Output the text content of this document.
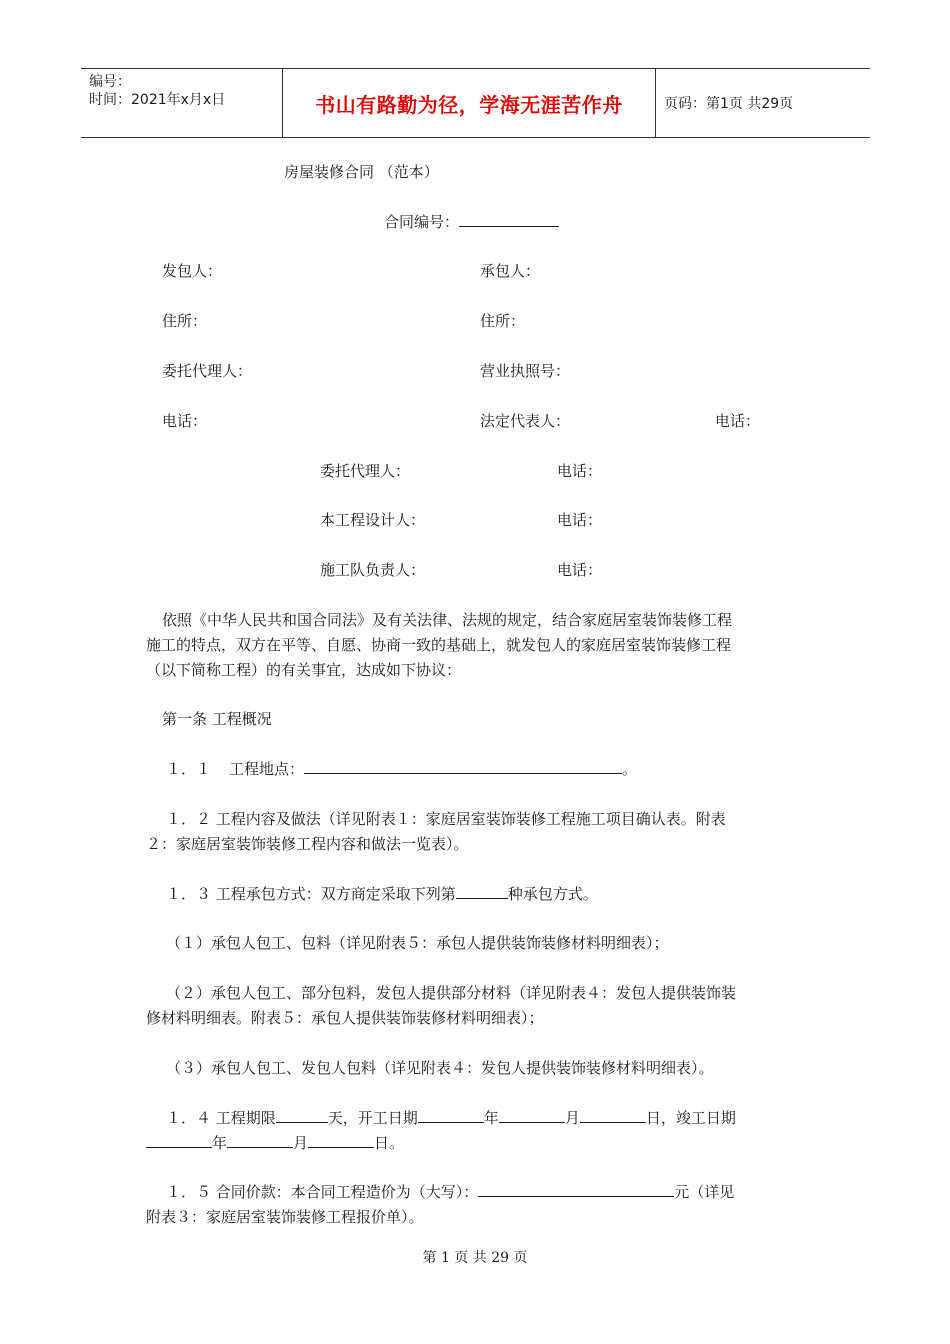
编号：
时间：2021年x月x日	书山有路勤为径，学海无涯苦作舟	页码：第1页 共29页
房屋装修合同 （范本）
合同编号：
发包人：	承包人：
住所：	住所：
委托代理人：	营业执照号：
电话：	法定代表人：	电话：
委托代理人：	电话：
本工程设计人：	电话：
施工队负责人：	电话：
依照《中华人民共和国合同法》及有关法律、法规的规定，结合家庭居室装饰装修工程
施工的特点，双方在平等、自愿、协商一致的基础上，就发包人的家庭居室装饰装修工程
（以下简称工程）的有关事宜，达成如下协议：
第一条 工程概况
１．１ 工程地点：	。
１．２ 工程内容及做法（详见附表１：家庭居室装饰装修工程施工项目确认表。附表
２：家庭居室装饰装修工程内容和做法一览表）。
１．３ 工程承包方式：双方商定采取下列第	种承包方式。
（１）承包人包工、包料（详见附表５：承包人提供装饰装修材料明细表）；
（２）承包人包工、部分包料，发包人提供部分材料（详见附表４：发包人提供装饰装
修材料明细表。附表５：承包人提供装饰装修材料明细表）；
（３）承包人包工、发包人包料（详见附表４：发包人提供装饰装修材料明细表）。
１．４ 工程期限	天，开工日期	年	月	日，竣工日期
年	月	日。
１．５ 合同价款：本合同工程造价为（大写）：	元（详见
附表３：家庭居室装饰装修工程报价单）。
第 1 页 共 29 页
